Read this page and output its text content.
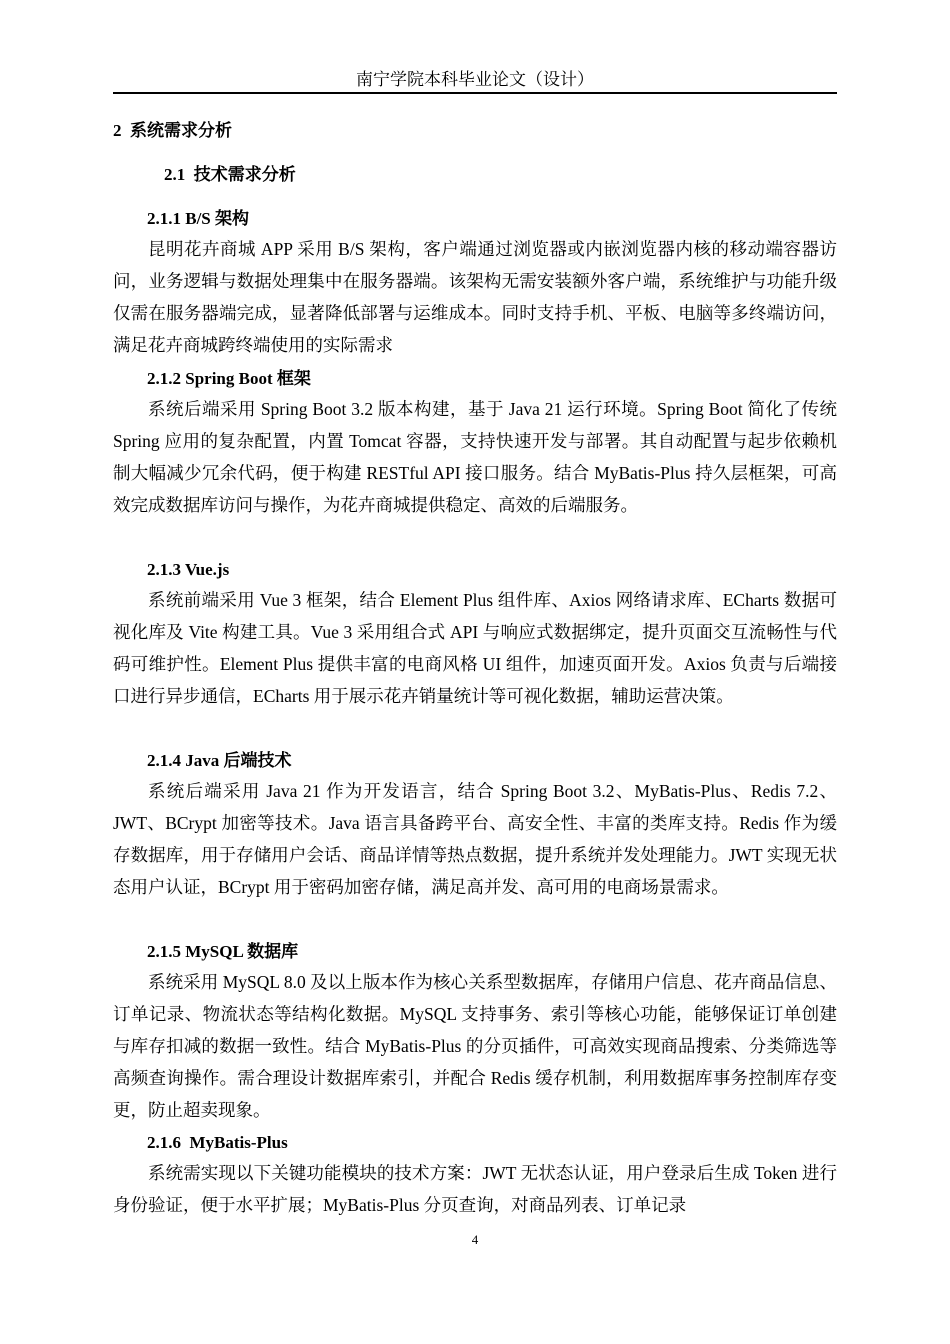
南宁学院本科毕业论文（设计）
2  系统需求分析
2.1  技术需求分析
2.1.1 B/S 架构

昆明花卉商城 APP 采用 B/S 架构，客户端通过浏览器或内嵌浏览器内核的移动端容器访问，业务逻辑与数据处理集中在服务器端。该架构无需安装额外客户端，系统维护与功能升级仅需在服务器端完成，显著降低部署与运维成本。同时支持手机、平板、电脑等多终端访问，满足花卉商城跨终端使用的实际需求

2.1.2 Spring Boot 框架

系统后端采用 Spring Boot 3.2 版本构建，基于 Java 21 运行环境。Spring Boot 简化了传统 Spring 应用的复杂配置，内置 Tomcat 容器，支持快速开发与部署。其自动配置与起步依赖机制大幅减少冗余代码，便于构建 RESTful API 接口服务。结合 MyBatis-Plus 持久层框架，可高效完成数据库访问与操作，为花卉商城提供稳定、高效的后端服务。

2.1.3 Vue.js

系统前端采用 Vue 3 框架，结合 Element Plus 组件库、Axios 网络请求库、ECharts 数据可视化库及 Vite 构建工具。Vue 3 采用组合式 API 与响应式数据绑定，提升页面交互流畅性与代码可维护性。Element Plus 提供丰富的电商风格 UI 组件，加速页面开发。Axios 负责与后端接口进行异步通信，ECharts 用于展示花卉销量统计等可视化数据，辅助运营决策。

2.1.4 Java 后端技术

系统后端采用 Java 21 作为开发语言，结合 Spring Boot 3.2、MyBatis-Plus、Redis 7.2、JWT、BCrypt 加密等技术。Java 语言具备跨平台、高安全性、丰富的类库支持。Redis 作为缓存数据库，用于存储用户会话、商品详情等热点数据，提升系统并发处理能力。JWT 实现无状态用户认证，BCrypt 用于密码加密存储，满足高并发、高可用的电商场景需求。

2.1.5 MySQL 数据库

系统采用 MySQL 8.0 及以上版本作为核心关系型数据库，存储用户信息、花卉商品信息、订单记录、物流状态等结构化数据。MySQL 支持事务、索引等核心功能，能够保证订单创建与库存扣减的数据一致性。结合 MyBatis-Plus 的分页插件，可高效实现商品搜索、分类筛选等高频查询操作。需合理设计数据库索引，并配合 Redis 缓存机制，利用数据库事务控制库存变更，防止超卖现象。

2.1.6  MyBatis-Plus

系统需实现以下关键功能模块的技术方案：JWT 无状态认证，用户登录后生成 Token 进行身份验证，便于水平扩展；MyBatis-Plus 分页查询，对商品列表、订单记录

4
